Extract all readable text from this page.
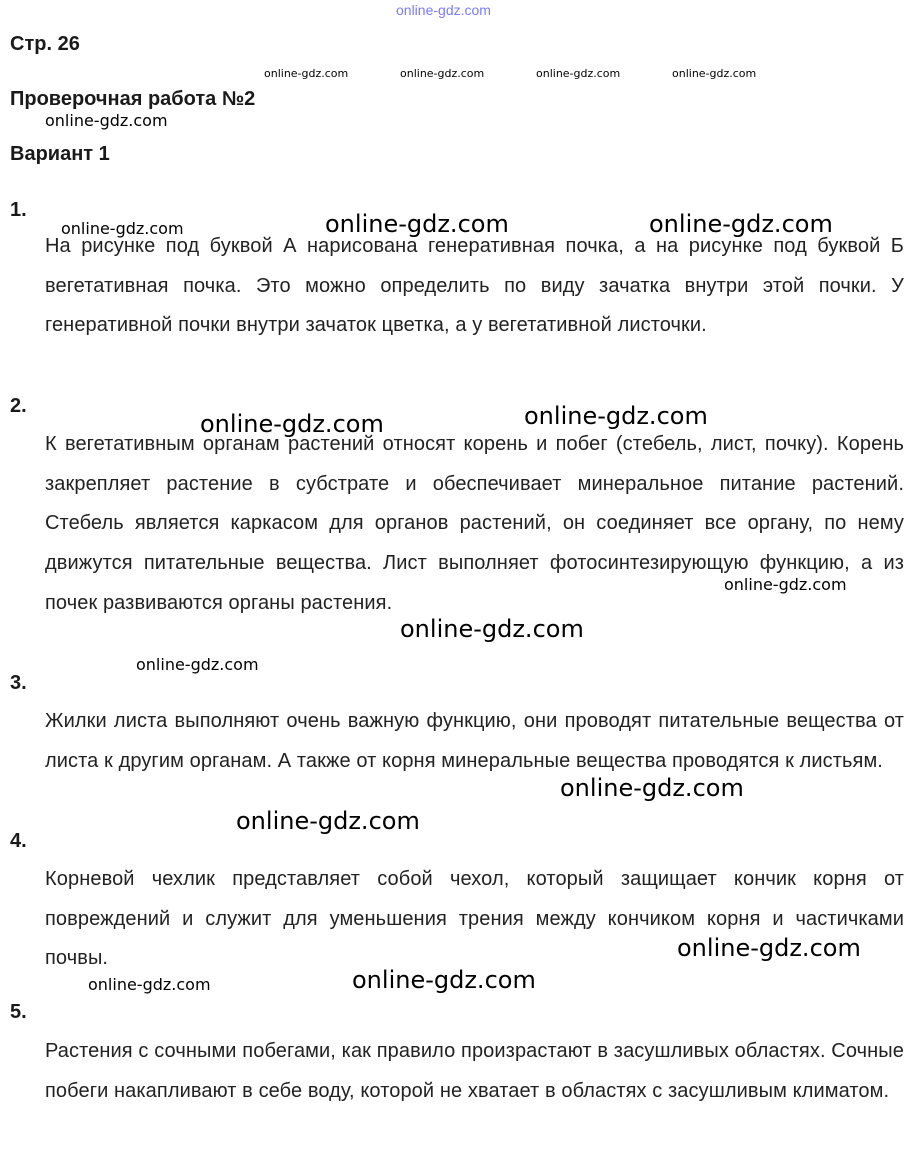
Стр. 26
Проверочная работа №2
Вариант 1
1.

На рисунке под буквой А нарисована генеративная почка, а на рисунке под буквой Б вегетативная почка. Это можно определить по виду зачатка внутри этой почки. У генеративной почки внутри зачаток цветка, а у вегетативной листочки.

2.

К вегетативным органам растений относят корень и побег (стебель, лист, почку). Корень закрепляет растение в субстрате и обеспечивает минеральное питание растений. Стебель является каркасом для органов растений, он соединяет все органу, по нему движутся питательные вещества. Лист выполняет фотосинтезирующую функцию, а из почек развиваются органы растения.

3.

Жилки листа выполняют очень важную функцию, они проводят питательные вещества от листа к другим органам. А также от корня минеральные вещества проводятся к листьям.

4.

Корневой чехлик представляет собой чехол, который защищает кончик корня от повреждений и служит для уменьшения трения между кончиком корня и частичками почвы.

5.

Растения с сочными побегами, как правило произрастают в засушливых областях. Сочные побеги накапливают в себе воду, которой не хватает в областях с засушливым климатом.

online-gdz.com
online-gdz.com	online-gdz.com	online-gdz.com	online-gdz.com
online-gdz.com
online-gdz.com	online-gdz.com	online-gdz.com
online-gdz.com	online-gdz.com
online-gdz.com
online-gdz.com
online-gdz.com
online-gdz.com
online-gdz.com
online-gdz.com
online-gdz.com	online-gdz.com
